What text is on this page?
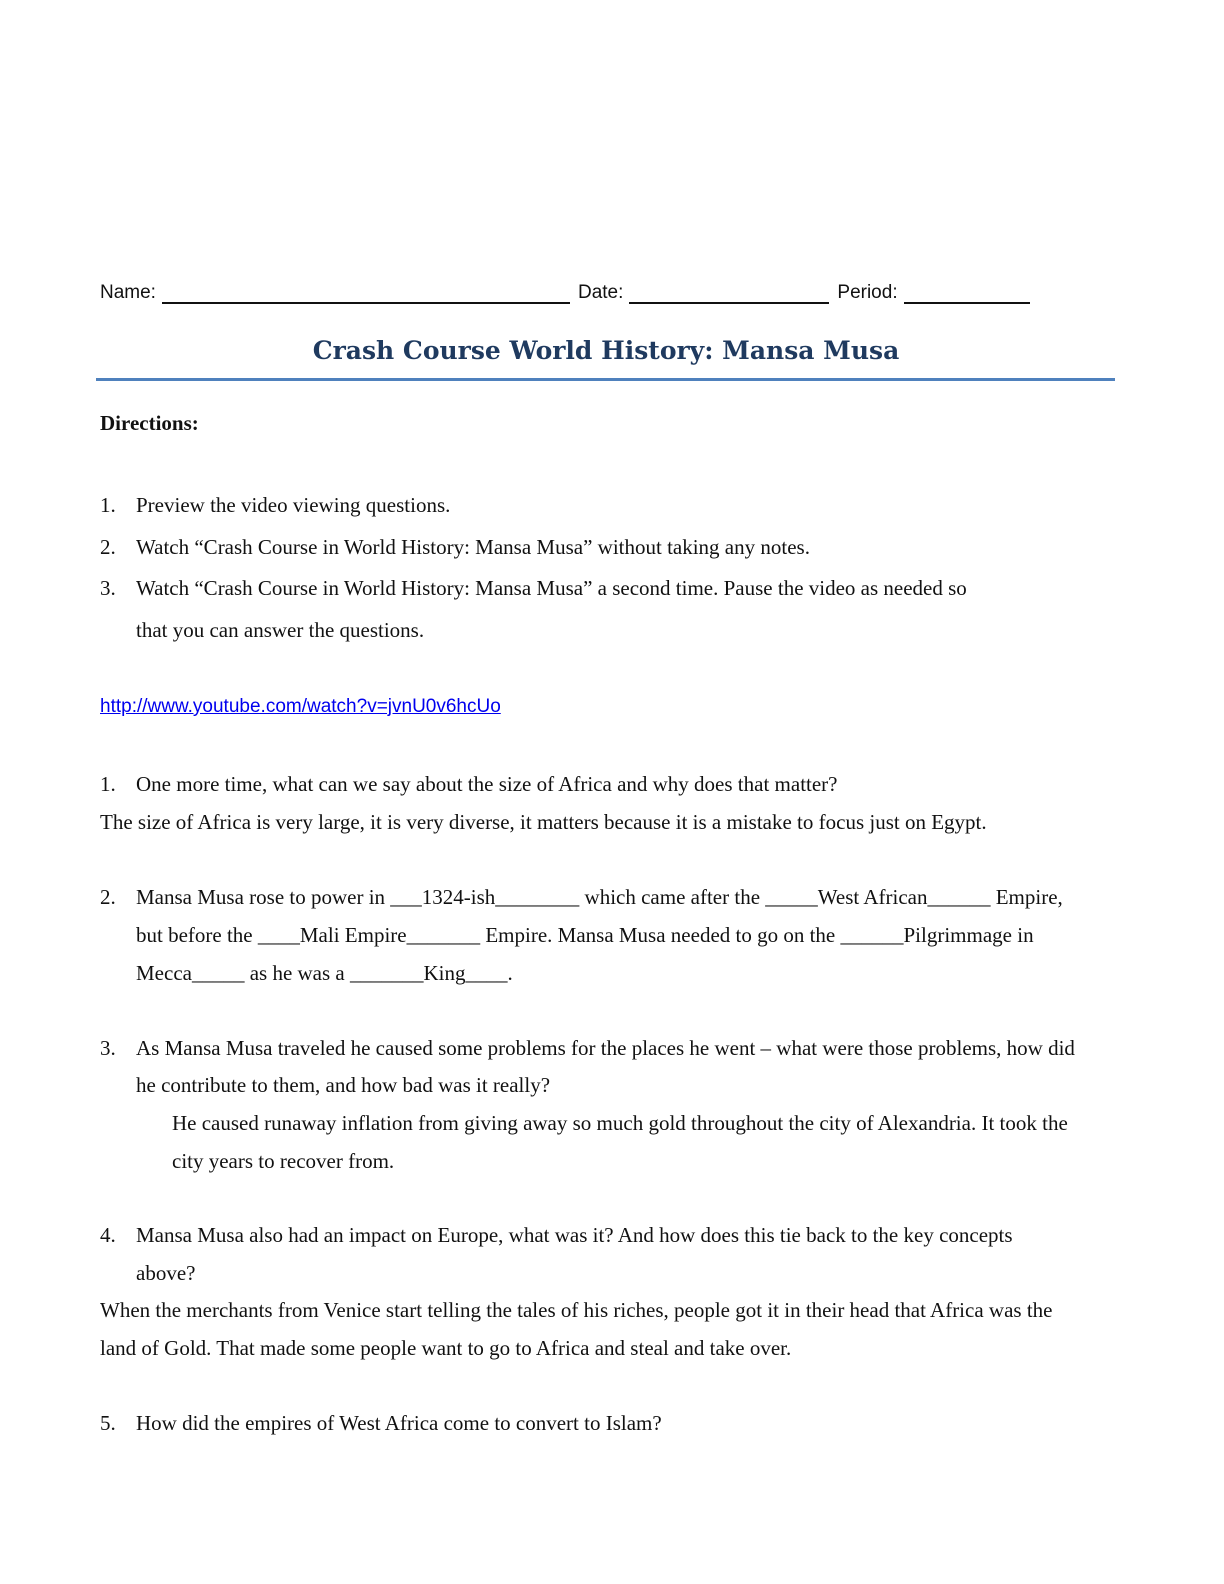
Name:	Date:	Period:
Crash Course World History: Mansa Musa
Directions:
1. Preview the video viewing questions.
2. Watch “Crash Course in World History: Mansa Musa” without taking any notes.
3. Watch “Crash Course in World History: Mansa Musa” a second time. Pause the video as needed so
that you can answer the questions.
http://www.youtube.com/watch?v=jvnU0v6hcUo
1. One more time, what can we say about the size of Africa and why does that matter?
The size of Africa is very large, it is very diverse, it matters because it is a mistake to focus just on Egypt.
2. Mansa Musa rose to power in ___1324-ish________ which came after the _____West African______ Empire,
but before the ____Mali Empire_______ Empire. Mansa Musa needed to go on the ______Pilgrimmage in
Mecca_____ as he was a _______King____.
3. As Mansa Musa traveled he caused some problems for the places he went – what were those problems, how did
he contribute to them, and how bad was it really?
He caused runaway inflation from giving away so much gold throughout the city of Alexandria. It took the
city years to recover from.
4. Mansa Musa also had an impact on Europe, what was it? And how does this tie back to the key concepts
above?
When the merchants from Venice start telling the tales of his riches, people got it in their head that Africa was the
land of Gold. That made some people want to go to Africa and steal and take over.
5. How did the empires of West Africa come to convert to Islam?
